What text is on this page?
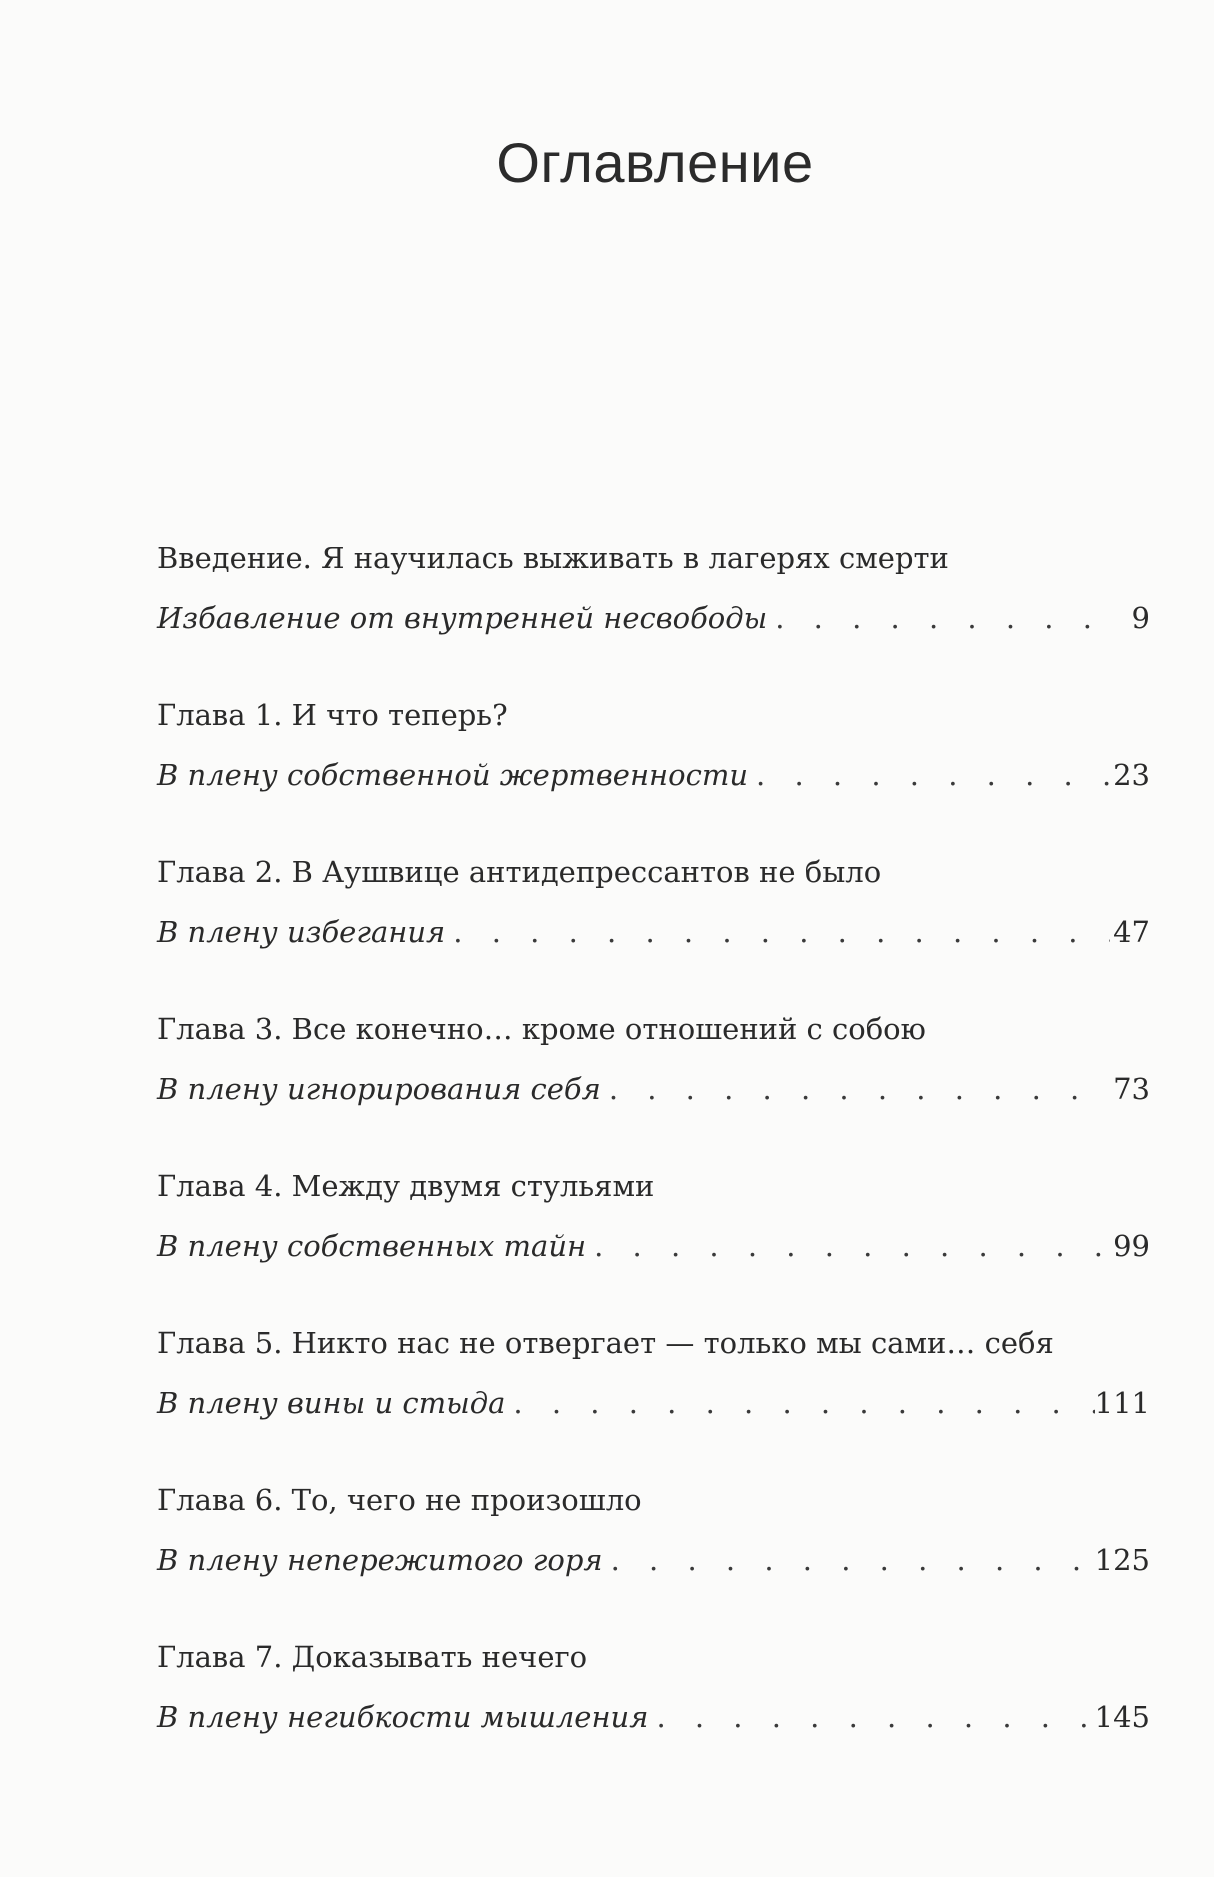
Оглавление
Введение. Я научилась выживать в лагерях смерти
Избавление от внутренней несвободы . . .	9
Глава 1. И что теперь?
В плену собственной жертвенности . . .	23
Глава 2. В Аушвице антидепрессантов не было
В плену избегания . . .	47
Глава 3. Все конечно… кроме отношений с собою
В плену игнорирования себя . . .	73
Глава 4. Между двумя стульями
В плену собственных тайн . . .	99
Глава 5. Никто нас не отвергает — только мы сами… себя
В плену вины и стыда . . .	111
Глава 6. То, чего не произошло
В плену непережитого горя . . .	125
Глава 7. Доказывать нечего
В плену негибкости мышления . . .	145
